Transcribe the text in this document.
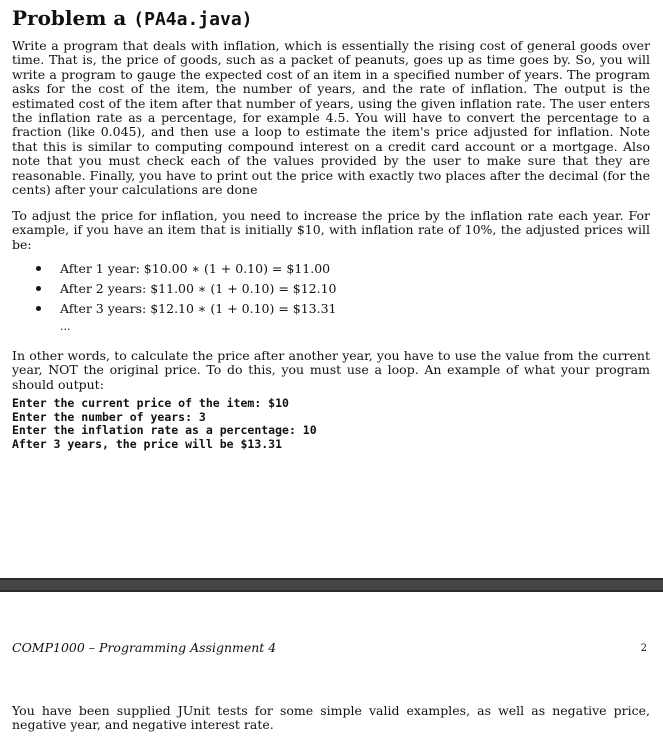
Problem a (PA4a.java)

Write a program that deals with inflation, which is essentially the rising cost of general goods over time. That is, the price of goods, such as a packet of peanuts, goes up as time goes by. So, you will write a program to gauge the expected cost of an item in a specified number of years. The program asks for the cost of the item, the number of years, and the rate of inflation. The output is the estimated cost of the item after that number of years, using the given inflation rate. The user enters the inflation rate as a percentage, for example 4.5. You will have to convert the percentage to a fraction (like 0.045), and then use a loop to estimate the item's price adjusted for inflation. Note that this is similar to computing compound interest on a credit card account or a mortgage. Also note that you must check each of the values provided by the user to make sure that they are reasonable. Finally, you have to print out the price with exactly two places after the decimal (for the cents) after your calculations are done

To adjust the price for inflation, you need to increase the price by the inflation rate each year. For example, if you have an item that is initially $10, with inflation rate of 10%, the adjusted prices will be:

After 1 year: $10.00 ∗ (1 + 0.10) = $11.00
After 2 years: $11.00 ∗ (1 + 0.10) = $12.10
After 3 years: $12.10 ∗ (1 + 0.10) = $13.31
...

In other words, to calculate the price after another year, you have to use the value from the current year, NOT the original price. To do this, you must use a loop. An example of what your program should output:

Enter the current price of the item: $10
Enter the number of years: 3
Enter the inflation rate as a percentage: 10
After 3 years, the price will be $13.31
COMP1000 – Programming Assignment 4	2

You have been supplied JUnit tests for some simple valid examples, as well as negative price, negative year, and negative interest rate.
